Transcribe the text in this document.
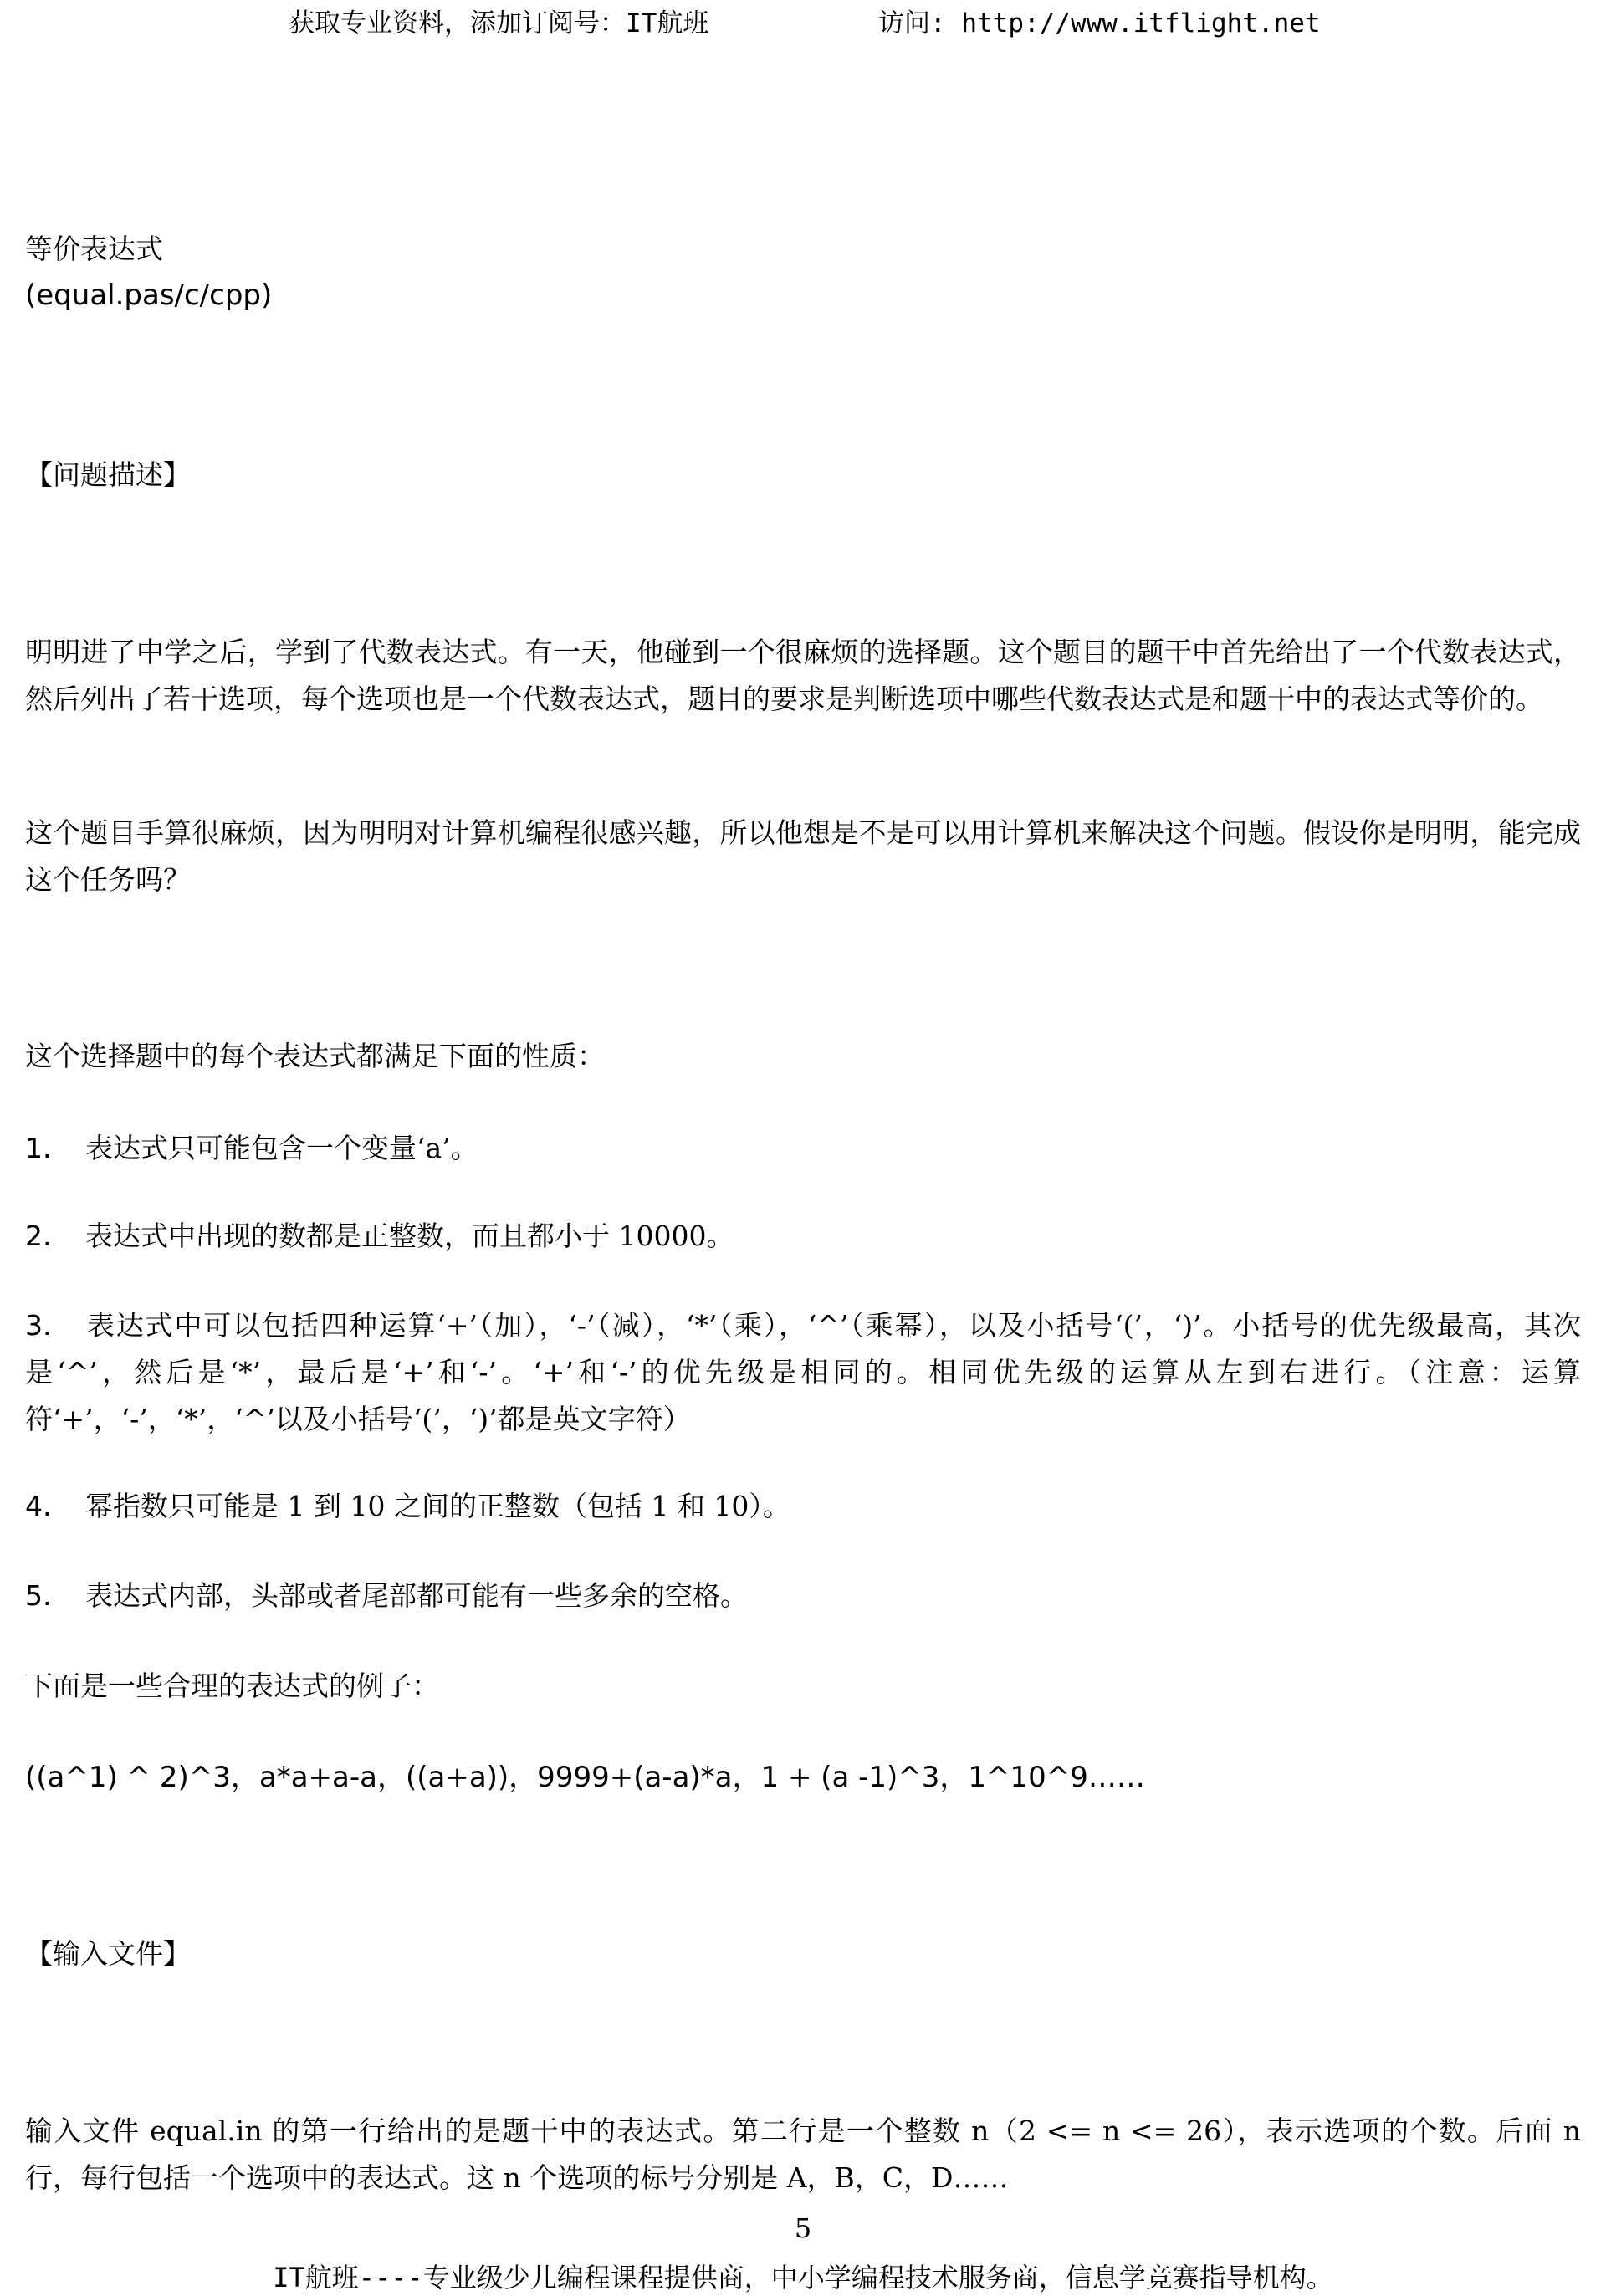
获取专业资料，添加订阅号：IT航班	访问: http://www.itflight.net
等价表达式
(equal.pas/c/cpp)
【问题描述】
明明进了中学之后，学到了代数表达式。有一天，他碰到一个很麻烦的选择题。这个题目的题干中首先给出了一个代数表达式，然后列出了若干选项，每个选项也是一个代数表达式，题目的要求是判断选项中哪些代数表达式是和题干中的表达式等价的。
这个题目手算很麻烦，因为明明对计算机编程很感兴趣，所以他想是不是可以用计算机来解决这个问题。假设你是明明，能完成这个任务吗？
这个选择题中的每个表达式都满足下面的性质：
1. 表达式只可能包含一个变量‘a’。
2. 表达式中出现的数都是正整数，而且都小于 10000。
3. 表达式中可以包括四种运算‘+’（加），‘-’（减），‘*’（乘），‘^’（乘幂），以及小括号‘(’，‘)’。小括号的优先级最高，其次是‘^’，然后是‘*’，最后是‘+’和‘-’。‘+’和‘-’的优先级是相同的。相同优先级的运算从左到右进行。（注意：运算符‘+’，‘-’，‘*’，‘^’以及小括号‘(’，‘)’都是英文字符）
4. 幂指数只可能是 1 到 10 之间的正整数（包括 1 和 10）。
5. 表达式内部，头部或者尾部都可能有一些多余的空格。
下面是一些合理的表达式的例子：
((a^1) ^ 2)^3，a*a+a-a，((a+a))，9999+(a-a)*a，1 + (a -1)^3，1^10^9……
【输入文件】
输入文件 equal.in 的第一行给出的是题干中的表达式。第二行是一个整数 n（2 <= n <= 26），表示选项的个数。后面 n 行，每行包括一个选项中的表达式。这 n 个选项的标号分别是 A，B，C，D……
5
IT航班----专业级少儿编程课程提供商，中小学编程技术服务商，信息学竞赛指导机构。
